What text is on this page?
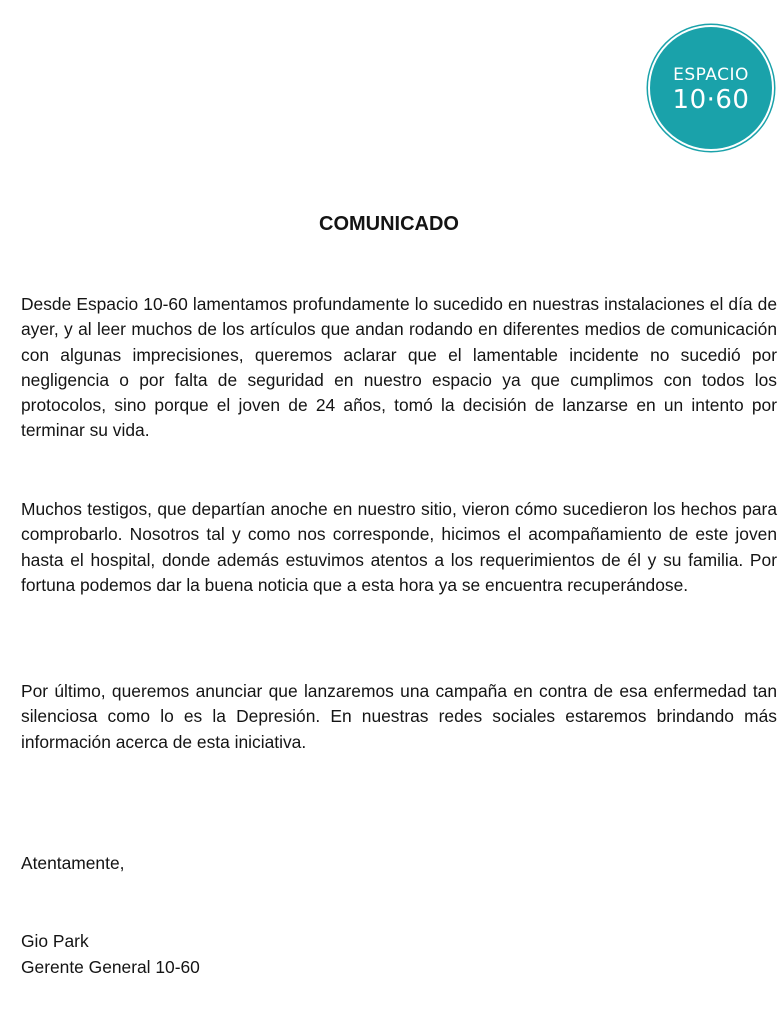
ESPACIO
10·60
COMUNICADO

Desde Espacio 10-60 lamentamos profundamente lo sucedido en nuestras instalaciones el día de ayer, y al leer muchos de los artículos que andan rodando en diferentes medios de comunicación con algunas imprecisiones, queremos aclarar que el lamentable incidente no sucedió por negligencia o por falta de seguridad en nuestro espacio ya que cumplimos con todos los protocolos, sino porque el joven de 24 años, tomó la decisión de lanzarse en un intento por terminar su vida.

Muchos testigos, que departían anoche en nuestro sitio, vieron cómo sucedieron los hechos para comprobarlo. Nosotros tal y como nos corresponde, hicimos el acompañamiento de este joven hasta el hospital, donde además estuvimos atentos a los requerimientos de él y su familia. Por fortuna podemos dar la buena noticia que a esta hora ya se encuentra recuperándose.

Por último, queremos anunciar que lanzaremos una campaña en contra de esa enfermedad tan silenciosa como lo es la Depresión. En nuestras redes sociales estaremos brindando más información acerca de esta iniciativa.

Atentamente,
Gio Park
Gerente General 10-60
